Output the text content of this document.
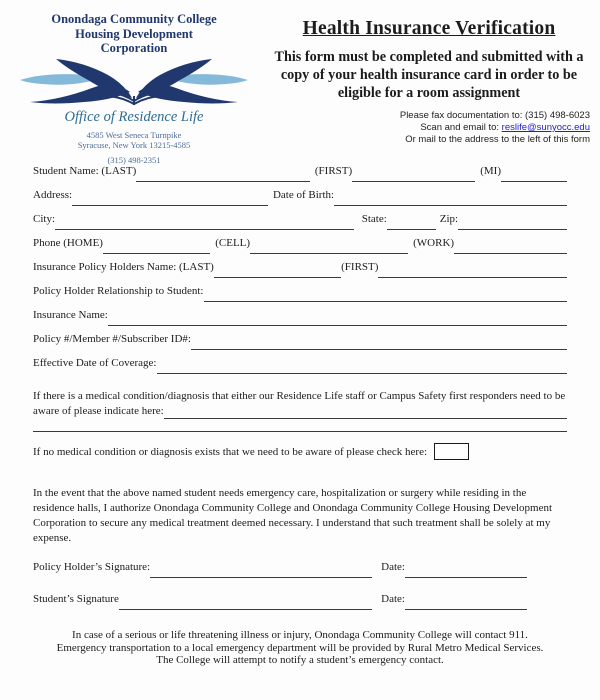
Onondaga Community College
Housing Development
Corporation
Office of Residence Life
4585 West Seneca Turnpike
Syracuse, New York 13215-4585
(315) 498-2351
Health Insurance Verification
This form must be completed and submitted with a copy of your health insurance card in order to be eligible for a room assignment
Please fax documentation to: (315) 498-6023
Scan and email to: reslife@sunyocc.edu
Or mail to the address to the left of this form
Student Name: (LAST)	(FIRST)	(MI)
Address:	Date of Birth:
City:	State:	Zip:
Phone (HOME)	(CELL)	(WORK)
Insurance Policy Holders Name: (LAST)	(FIRST)
Policy Holder Relationship to Student:
Insurance Name:
Policy #/Member #/Subscriber ID#:
Effective Date of Coverage:
If there is a medical condition/diagnosis that either our Residence Life staff or Campus Safety first responders need to be
aware of please indicate here:
If no medical condition or diagnosis exists that we need to be aware of please check here:
In the event that the above named student needs emergency care, hospitalization or surgery while residing in the residence halls, I authorize Onondaga Community College and Onondaga Community College Housing Development Corporation to secure any medical treatment deemed necessary. I understand that such treatment shall be solely at my expense.
Policy Holder’s Signature:	Date:
Student’s Signature	Date:
In case of a serious or life threatening illness or injury, Onondaga Community College will contact 911. Emergency transportation to a local emergency department will be provided by Rural Metro Medical Services. The College will attempt to notify a student’s emergency contact.
